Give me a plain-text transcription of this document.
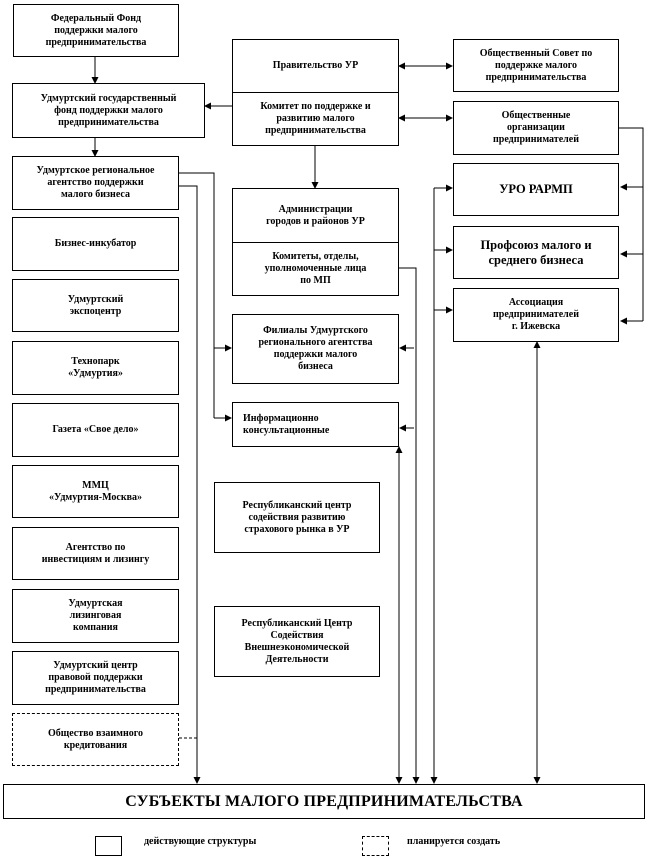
Федеральный Фонд
поддержки малого
предпринимательства
Удмуртский государственный
фонд поддержки малого
предпринимательства
Удмуртское региональное
агентство поддержки
малого бизнеса
Бизнес-инкубатор
Удмуртский
экспоцентр
Технопарк
«Удмуртия»
Газета «Свое дело»
ММЦ
«Удмуртия-Москва»
Агентство по
инвестициям и лизингу
Удмуртская
лизинговая
компания
Удмуртский центр
правовой поддержки
предпринимательства
Общество взаимного
кредитования
Правительство УР
Комитет по поддержке и
развитию малого
предпринимательства
Администрации
городов и районов УР
Комитеты, отделы,
уполномоченные лица
по МП
Филиалы Удмуртского
регионального агентства
поддержки малого
бизнеса
Информационно
консультационные
Республиканский центр
содействия развитию
страхового рынка в УР
Республиканский Центр
Содействия
Внешнеэкономической
Деятельности
Общественный Совет по
поддержке малого
предпринимательства
Общественные
организации
предпринимателей
УРО РАРМП
Профсоюз малого и
среднего бизнеса
Ассоциация
предпринимателей
г. Ижевска
СУБЪЕКТЫ МАЛОГО ПРЕДПРИНИМАТЕЛЬСТВА
действующие структуры	планируется создать
